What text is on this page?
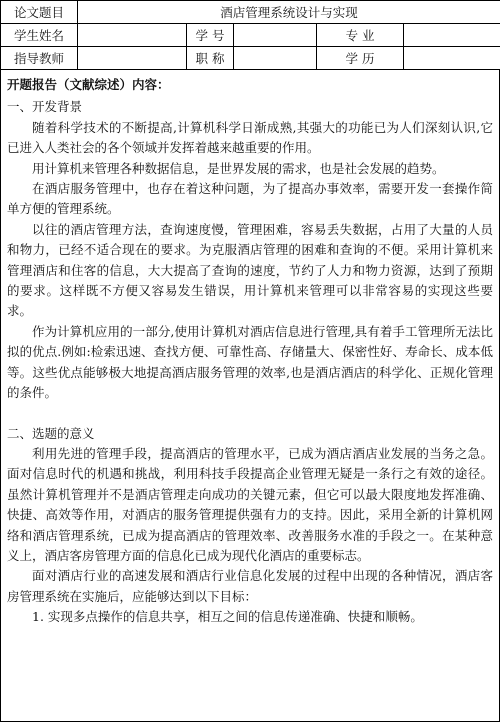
论文题目	酒店管理系统设计与实现				
学生姓名		学 号		专 业	
指导教师		职 称		学 历	

开题报告（文献综述）内容：

一、开发背景

随着科学技术的不断提高,计算机科学日渐成熟,其强大的功能已为人们深刻认识,它已进入人类社会的各个领域并发挥着越来越重要的作用。

用计算机来管理各种数据信息，是世界发展的需求，也是社会发展的趋势。

在酒店服务管理中，也存在着这种问题，为了提高办事效率，需要开发一套操作简单方便的管理系统。

以往的酒店管理方法，查询速度慢，管理困难，容易丢失数据，占用了大量的人员和物力，已经不适合现在的要求。为克服酒店管理的困难和查询的不便。采用计算机来管理酒店和住客的信息，大大提高了查询的速度，节约了人力和物力资源，达到了预期的要求。这样既不方便又容易发生错误，用计算机来管理可以非常容易的实现这些要求。

作为计算机应用的一部分,使用计算机对酒店信息进行管理,具有着手工管理所无法比拟的优点.例如:检索迅速、查找方便、可靠性高、存储量大、保密性好、寿命长、成本低等。这些优点能够极大地提高酒店服务管理的效率,也是酒店酒店的科学化、正规化管理的条件。

二、选题的意义

利用先进的管理手段，提高酒店的管理水平，已成为酒店酒店业发展的当务之急。面对信息时代的机遇和挑战，利用科技手段提高企业管理无疑是一条行之有效的途径。虽然计算机管理并不是酒店管理走向成功的关键元素，但它可以最大限度地发挥准确、快捷、高效等作用，对酒店的服务管理提供强有力的支持。因此，采用全新的计算机网络和酒店管理系统，已成为提高酒店的管理效率、改善服务水准的手段之一。在某种意义上，酒店客房管理方面的信息化已成为现代化酒店的重要标志。

面对酒店行业的高速发展和酒店行业信息化发展的过程中出现的各种情况，酒店客房管理系统在实施后，应能够达到以下目标：

1. 实现多点操作的信息共享，相互之间的信息传递准确、快捷和顺畅。
